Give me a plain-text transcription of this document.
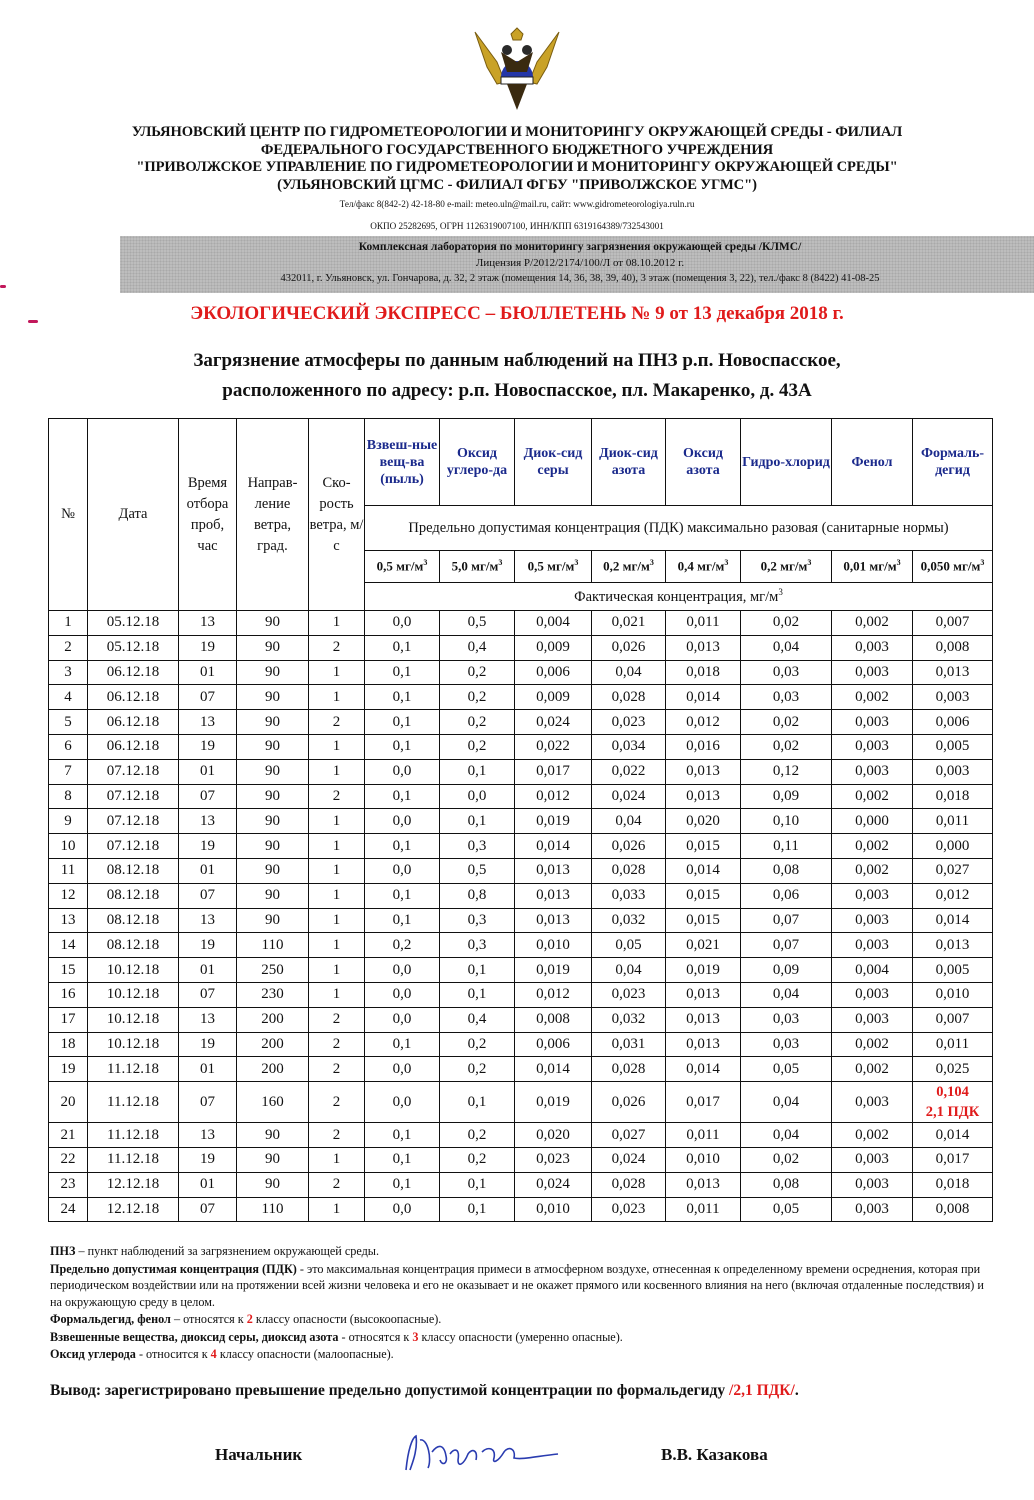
УЛЬЯНОВСКИЙ ЦЕНТР ПО ГИДРОМЕТЕОРОЛОГИИ И МОНИТОРИНГУ ОКРУЖАЮЩЕЙ СРЕДЫ - ФИЛИАЛ
ФЕДЕРАЛЬНОГО ГОСУДАРСТВЕННОГО БЮДЖЕТНОГО УЧРЕЖДЕНИЯ
"ПРИВОЛЖСКОЕ УПРАВЛЕНИЕ ПО ГИДРОМЕТЕОРОЛОГИИ И МОНИТОРИНГУ ОКРУЖАЮЩЕЙ СРЕДЫ"
(УЛЬЯНОВСКИЙ ЦГМС - ФИЛИАЛ ФГБУ "ПРИВОЛЖСКОЕ УГМС")
Тел/факс 8(842-2) 42-18-80 e-mail: meteo.uln@mail.ru, сайт: www.gidrometeorologiya.ruln.ru
ОКПО 25282695, ОГРН 1126319007100, ИНН/КПП 6319164389/732543001
Комплексная лаборатория по мониторингу загрязнения окружающей среды /КЛМС/
Лицензия Р/2012/2174/100/Л от 08.10.2012 г.
432011, г. Ульяновск, ул. Гончарова, д. 32, 2 этаж (помещения 14, 36, 38, 39, 40), 3 этаж (помещения 3, 22), тел./факс 8 (8422) 41-08-25
ЭКОЛОГИЧЕСКИЙ ЭКСПРЕСС – БЮЛЛЕТЕНЬ № 9 от 13 декабря 2018 г.
Загрязнение атмосферы по данным наблюдений на ПНЗ р.п. Новоспасское,
расположенного по адресу: р.п. Новоспасское, пл. Макаренко, д. 43А
№	Дата	Время отбора проб, час	Направ-ление ветра, град.	Ско-рость ветра, м/с	Взвеш-ные вещ-ва (пыль)	Оксид углеро-да	Диок-сид серы	Диок-сид азота	Оксид азота	Гидро-хлорид	Фенол	Формаль-дегид
					Предельно допустимая концентрация (ПДК) максимально разовая (санитарные нормы)							
					0,5 $мг/м^3$	5,0 $мг/м^3$	0,5 $мг/м^3$	0,2 $мг/м^3$	0,4 $мг/м^3$	0,2 $мг/м^3$	0,01 $мг/м^3$	0,050 $мг/м^3$
					Фактическая концентрация, $мг/м^3$
1	05.12.18	13	90	1	0,0	0,5	0,004	0,021	0,011	0,02	0,002	0,007
2	05.12.18	19	90	2	0,1	0,4	0,009	0,026	0,013	0,04	0,003	0,008
3	06.12.18	01	90	1	0,1	0,2	0,006	0,04	0,018	0,03	0,003	0,013
4	06.12.18	07	90	1	0,1	0,2	0,009	0,028	0,014	0,03	0,002	0,003
5	06.12.18	13	90	2	0,1	0,2	0,024	0,023	0,012	0,02	0,003	0,006
6	06.12.18	19	90	1	0,1	0,2	0,022	0,034	0,016	0,02	0,003	0,005
7	07.12.18	01	90	1	0,0	0,1	0,017	0,022	0,013	0,12	0,003	0,003
8	07.12.18	07	90	2	0,1	0,0	0,012	0,024	0,013	0,09	0,002	0,018
9	07.12.18	13	90	1	0,0	0,1	0,019	0,04	0,020	0,10	0,000	0,011
10	07.12.18	19	90	1	0,1	0,3	0,014	0,026	0,015	0,11	0,002	0,000
11	08.12.18	01	90	1	0,0	0,5	0,013	0,028	0,014	0,08	0,002	0,027
12	08.12.18	07	90	1	0,1	0,8	0,013	0,033	0,015	0,06	0,003	0,012
13	08.12.18	13	90	1	0,1	0,3	0,013	0,032	0,015	0,07	0,003	0,014
14	08.12.18	19	110	1	0,2	0,3	0,010	0,05	0,021	0,07	0,003	0,013
15	10.12.18	01	250	1	0,0	0,1	0,019	0,04	0,019	0,09	0,004	0,005
16	10.12.18	07	230	1	0,0	0,1	0,012	0,023	0,013	0,04	0,003	0,010
17	10.12.18	13	200	2	0,0	0,4	0,008	0,032	0,013	0,03	0,003	0,007
18	10.12.18	19	200	2	0,1	0,2	0,006	0,031	0,013	0,03	0,002	0,011
19	11.12.18	01	200	2	0,0	0,2	0,014	0,028	0,014	0,05	0,002	0,025
20	11.12.18	07	160	2	0,0	0,1	0,019	0,026	0,017	0,04	0,003	0,104
2,1 ПДК

21	11.12.18	13	90	2	0,1	0,2	0,020	0,027	0,011	0,04	0,002	0,014
22	11.12.18	19	90	1	0,1	0,2	0,023	0,024	0,010	0,02	0,003	0,017
23	12.12.18	01	90	2	0,1	0,1	0,024	0,028	0,013	0,08	0,003	0,018
24	12.12.18	07	110	1	0,0	0,1	0,010	0,023	0,011	0,05	0,003	0,008

ПНЗ – пункт наблюдений за загрязнением окружающей среды.

Предельно допустимая концентрация (ПДК) - это максимальная концентрация примеси в атмосферном воздухе, отнесенная к определенному времени осреднения, которая при периодическом воздействии или на протяжении всей жизни человека и его не оказывает и не окажет прямого или косвенного влияния на него (включая отдаленные последствия) и на окружающую среду в целом.

Формальдегид, фенол – относятся к 2 классу опасности (высокоопасные).

Взвешенные вещества, диоксид серы, диоксид азота - относятся к 3 классу опасности (умеренно опасные).

Оксид углерода - относится к 4 классу опасности (малоопасные).

Вывод: зарегистрировано превышение предельно допустимой концентрации по формальдегиду /2,1 ПДК/.
Начальник	В.В. Казакова
